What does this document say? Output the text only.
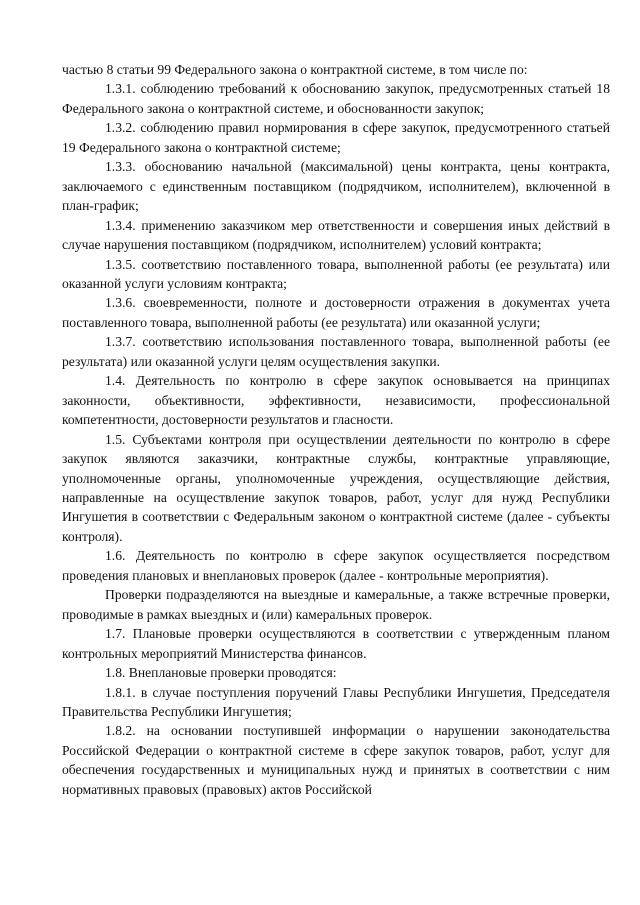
частью 8 статьи 99 Федерального закона о контрактной системе, в том числе по:

1.3.1. соблюдению требований к обоснованию закупок, предусмотренных статьей 18 Федерального закона о контрактной системе, и обоснованности закупок;

1.3.2. соблюдению правил нормирования в сфере закупок, предусмотренного статьей 19 Федерального закона о контрактной системе;

1.3.3. обоснованию начальной (максимальной) цены контракта, цены контракта, заключаемого с единственным поставщиком (подрядчиком, исполнителем), включенной в план-график;

1.3.4. применению заказчиком мер ответственности и совершения иных действий в случае нарушения поставщиком (подрядчиком, исполнителем) условий контракта;

1.3.5. соответствию поставленного товара, выполненной работы (ее результата) или оказанной услуги условиям контракта;

1.3.6. своевременности, полноте и достоверности отражения в документах учета поставленного товара, выполненной работы (ее результата) или оказанной услуги;

1.3.7. соответствию использования поставленного товара, выполненной работы (ее результата) или оказанной услуги целям осуществления закупки.

1.4. Деятельность по контролю в сфере закупок основывается на принципах законности, объективности, эффективности, независимости, профессиональной компетентности, достоверности результатов и гласности.

1.5. Субъектами контроля при осуществлении деятельности по контролю в сфере закупок являются заказчики, контрактные службы, контрактные управляющие, уполномоченные органы, уполномоченные учреждения, осуществляющие действия, направленные на осуществление закупок товаров, работ, услуг для нужд Республики Ингушетия в соответствии с Федеральным законом о контрактной системе (далее - субъекты контроля).

1.6. Деятельность по контролю в сфере закупок осуществляется посредством проведения плановых и внеплановых проверок (далее - контрольные мероприятия).

Проверки подразделяются на выездные и камеральные, а также встречные проверки, проводимые в рамках выездных и (или) камеральных проверок.

1.7. Плановые проверки осуществляются в соответствии с утвержденным планом контрольных мероприятий Министерства финансов.

1.8. Внеплановые проверки проводятся:

1.8.1. в случае поступления поручений Главы Республики Ингушетия, Председателя Правительства Республики Ингушетия;

1.8.2. на основании поступившей информации о нарушении законодательства Российской Федерации о контрактной системе в сфере закупок товаров, работ, услуг для обеспечения государственных и муниципальных нужд и принятых в соответствии с ним нормативных правовых (правовых) актов Российской
